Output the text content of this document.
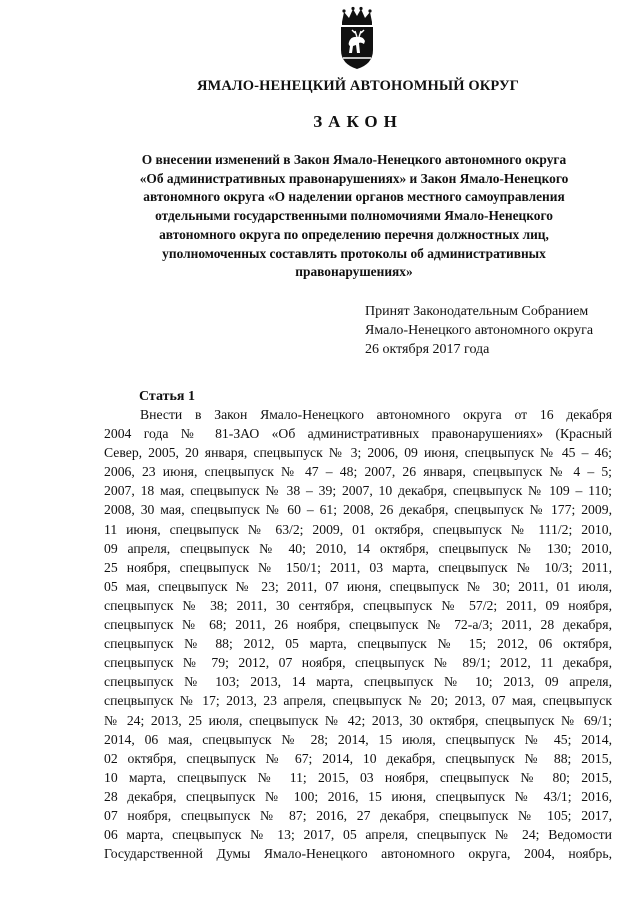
ЯМАЛО-НЕНЕЦКИЙ АВТОНОМНЫЙ ОКРУГ
ЗАКОН
О внесении изменений в Закон Ямало-Ненецкого автономного округа
«Об административных правонарушениях» и Закон Ямало-Ненецкого
автономного округа «О наделении органов местного самоуправления
отдельными государственными полномочиями Ямало-Ненецкого
автономного округа по определению перечня должностных лиц,
уполномоченных составлять протоколы об административных
правонарушениях»
Принят Законодательным Собранием
Ямало-Ненецкого автономного округа
26 октября 2017 года
Статья 1
Внести в Закон Ямало-Ненецкого автономного округа от 16 декабря
2004 года № 81-ЗАО «Об административных правонарушениях» (Красный
Север, 2005, 20 января, спецвыпуск № 3; 2006, 09 июня, спецвыпуск № 45 – 46;
2006, 23 июня, спецвыпуск № 47 – 48; 2007, 26 января, спецвыпуск № 4 – 5;
2007, 18 мая, спецвыпуск № 38 – 39; 2007, 10 декабря, спецвыпуск № 109 – 110;
2008, 30 мая, спецвыпуск № 60 – 61; 2008, 26 декабря, спецвыпуск № 177; 2009,
11 июня, спецвыпуск № 63/2; 2009, 01 октября, спецвыпуск № 111/2; 2010,
09 апреля, спецвыпуск № 40; 2010, 14 октября, спецвыпуск № 130; 2010,
25 ноября, спецвыпуск № 150/1; 2011, 03 марта, спецвыпуск № 10/3; 2011,
05 мая, спецвыпуск № 23; 2011, 07 июня, спецвыпуск № 30; 2011, 01 июля,
спецвыпуск № 38; 2011, 30 сентября, спецвыпуск № 57/2; 2011, 09 ноября,
спецвыпуск № 68; 2011, 26 ноября, спецвыпуск № 72-а/3; 2011, 28 декабря,
спецвыпуск № 88; 2012, 05 марта, спецвыпуск № 15; 2012, 06 октября,
спецвыпуск № 79; 2012, 07 ноября, спецвыпуск № 89/1; 2012, 11 декабря,
спецвыпуск № 103; 2013, 14 марта, спецвыпуск № 10; 2013, 09 апреля,
спецвыпуск № 17; 2013, 23 апреля, спецвыпуск № 20; 2013, 07 мая, спецвыпуск
№ 24; 2013, 25 июля, спецвыпуск № 42; 2013, 30 октября, спецвыпуск № 69/1;
2014, 06 мая, спецвыпуск № 28; 2014, 15 июля, спецвыпуск № 45; 2014,
02 октября, спецвыпуск № 67; 2014, 10 декабря, спецвыпуск № 88; 2015,
10 марта, спецвыпуск № 11; 2015, 03 ноября, спецвыпуск № 80; 2015,
28 декабря, спецвыпуск № 100; 2016, 15 июня, спецвыпуск № 43/1; 2016,
07 ноября, спецвыпуск № 87; 2016, 27 декабря, спецвыпуск № 105; 2017,
06 марта, спецвыпуск № 13; 2017, 05 апреля, спецвыпуск № 24; Ведомости
Государственной Думы Ямало-Ненецкого автономного округа, 2004, ноябрь,
